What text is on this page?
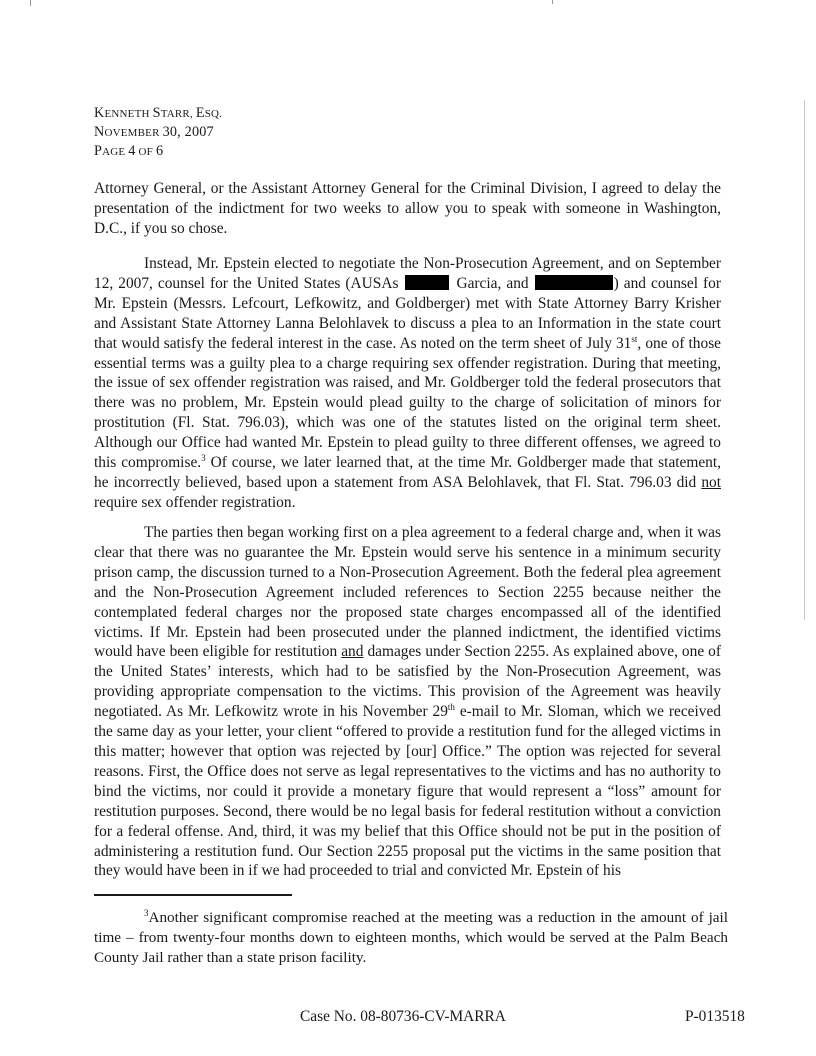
KENNETH STARR, ESQ.
NOVEMBER 30, 2007
PAGE 4 OF 6
Attorney General, or the Assistant Attorney General for the Criminal Division, I agreed to delay the presentation of the indictment for two weeks to allow you to speak with someone in Washington, D.C., if you so chose.
Instead, Mr. Epstein elected to negotiate the Non-Prosecution Agreement, and on September 12, 2007, counsel for the United States (AUSAs	Garcia, and	) and counsel for Mr. Epstein (Messrs. Lefcourt, Lefkowitz, and Goldberger) met with State Attorney Barry Krisher and Assistant State Attorney Lanna Belohlavek to discuss a plea to an Information in the state court that would satisfy the federal interest in the case. As noted on the term sheet of July 31st, one of those essential terms was a guilty plea to a charge requiring sex offender registration. During that meeting, the issue of sex offender registration was raised, and Mr. Goldberger told the federal prosecutors that there was no problem, Mr. Epstein would plead guilty to the charge of solicitation of minors for prostitution (Fl. Stat. 796.03), which was one of the statutes listed on the original term sheet. Although our Office had wanted Mr. Epstein to plead guilty to three different offenses, we agreed to this compromise.$^3$ Of course, we later learned that, at the time Mr. Goldberger made that statement, he incorrectly believed, based upon a statement from ASA Belohlavek, that Fl. Stat. 796.03 did not require sex offender registration.
The parties then began working first on a plea agreement to a federal charge and, when it was clear that there was no guarantee the Mr. Epstein would serve his sentence in a minimum security prison camp, the discussion turned to a Non-Prosecution Agreement. Both the federal plea agreement and the Non-Prosecution Agreement included references to Section 2255 because neither the contemplated federal charges nor the proposed state charges encompassed all of the identified victims. If Mr. Epstein had been prosecuted under the planned indictment, the identified victims would have been eligible for restitution and damages under Section 2255. As explained above, one of the United States’ interests, which had to be satisfied by the Non-Prosecution Agreement, was providing appropriate compensation to the victims. This provision of the Agreement was heavily negotiated. As Mr. Lefkowitz wrote in his November 29th e-mail to Mr. Sloman, which we received the same day as your letter, your client “offered to provide a restitution fund for the alleged victims in this matter; however that option was rejected by [our] Office.” The option was rejected for several reasons. First, the Office does not serve as legal representatives to the victims and has no authority to bind the victims, nor could it provide a monetary figure that would represent a “loss” amount for restitution purposes. Second, there would be no legal basis for federal restitution without a conviction for a federal offense. And, third, it was my belief that this Office should not be put in the position of administering a restitution fund. Our Section 2255 proposal put the victims in the same position that they would have been in if we had proceeded to trial and convicted Mr. Epstein of his
$^3$Another significant compromise reached at the meeting was a reduction in the amount of jail time – from twenty-four months down to eighteen months, which would be served at the Palm Beach County Jail rather than a state prison facility.
Case No. 08-80736-CV-MARRA	P-013518
